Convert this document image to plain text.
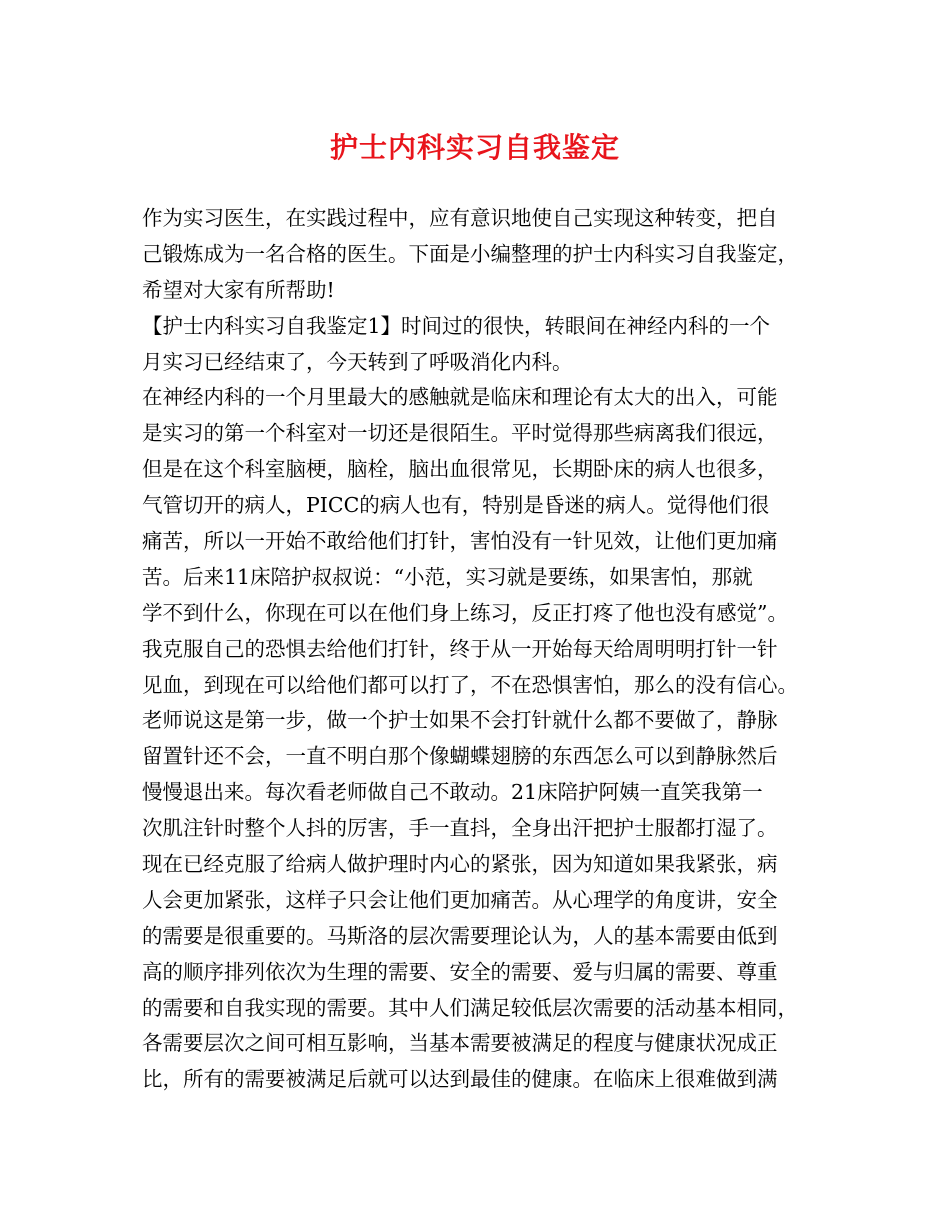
护士内科实习自我鉴定
作为实习医生，在实践过程中，应有意识地使自己实现这种转变，把自
己锻炼成为一名合格的医生。下面是小编整理的护士内科实习自我鉴定，
希望对大家有所帮助!
【护士内科实习自我鉴定1】时间过的很快，转眼间在神经内科的一个
月实习已经结束了，今天转到了呼吸消化内科。
在神经内科的一个月里最大的感触就是临床和理论有太大的出入，可能
是实习的第一个科室对一切还是很陌生。平时觉得那些病离我们很远，
但是在这个科室脑梗，脑栓，脑出血很常见，长期卧床的病人也很多，
气管切开的病人，PICC的病人也有，特别是昏迷的病人。觉得他们很
痛苦，所以一开始不敢给他们打针，害怕没有一针见效，让他们更加痛
苦。后来11床陪护叔叔说：“小范，实习就是要练，如果害怕，那就
学不到什么，你现在可以在他们身上练习，反正打疼了他也没有感觉”。
我克服自己的恐惧去给他们打针，终于从一开始每天给周明明打针一针
见血，到现在可以给他们都可以打了，不在恐惧害怕，那么的没有信心。
老师说这是第一步，做一个护士如果不会打针就什么都不要做了，静脉
留置针还不会，一直不明白那个像蝴蝶翅膀的东西怎么可以到静脉然后
慢慢退出来。每次看老师做自己不敢动。21床陪护阿姨一直笑我第一
次肌注针时整个人抖的厉害，手一直抖，全身出汗把护士服都打湿了。
现在已经克服了给病人做护理时内心的紧张，因为知道如果我紧张，病
人会更加紧张，这样子只会让他们更加痛苦。从心理学的角度讲，安全
的需要是很重要的。马斯洛的层次需要理论认为，人的基本需要由低到
高的顺序排列依次为生理的需要、安全的需要、爱与归属的需要、尊重
的需要和自我实现的需要。其中人们满足较低层次需要的活动基本相同，
各需要层次之间可相互影响，当基本需要被满足的程度与健康状况成正
比，所有的需要被满足后就可以达到最佳的健康。在临床上很难做到满
